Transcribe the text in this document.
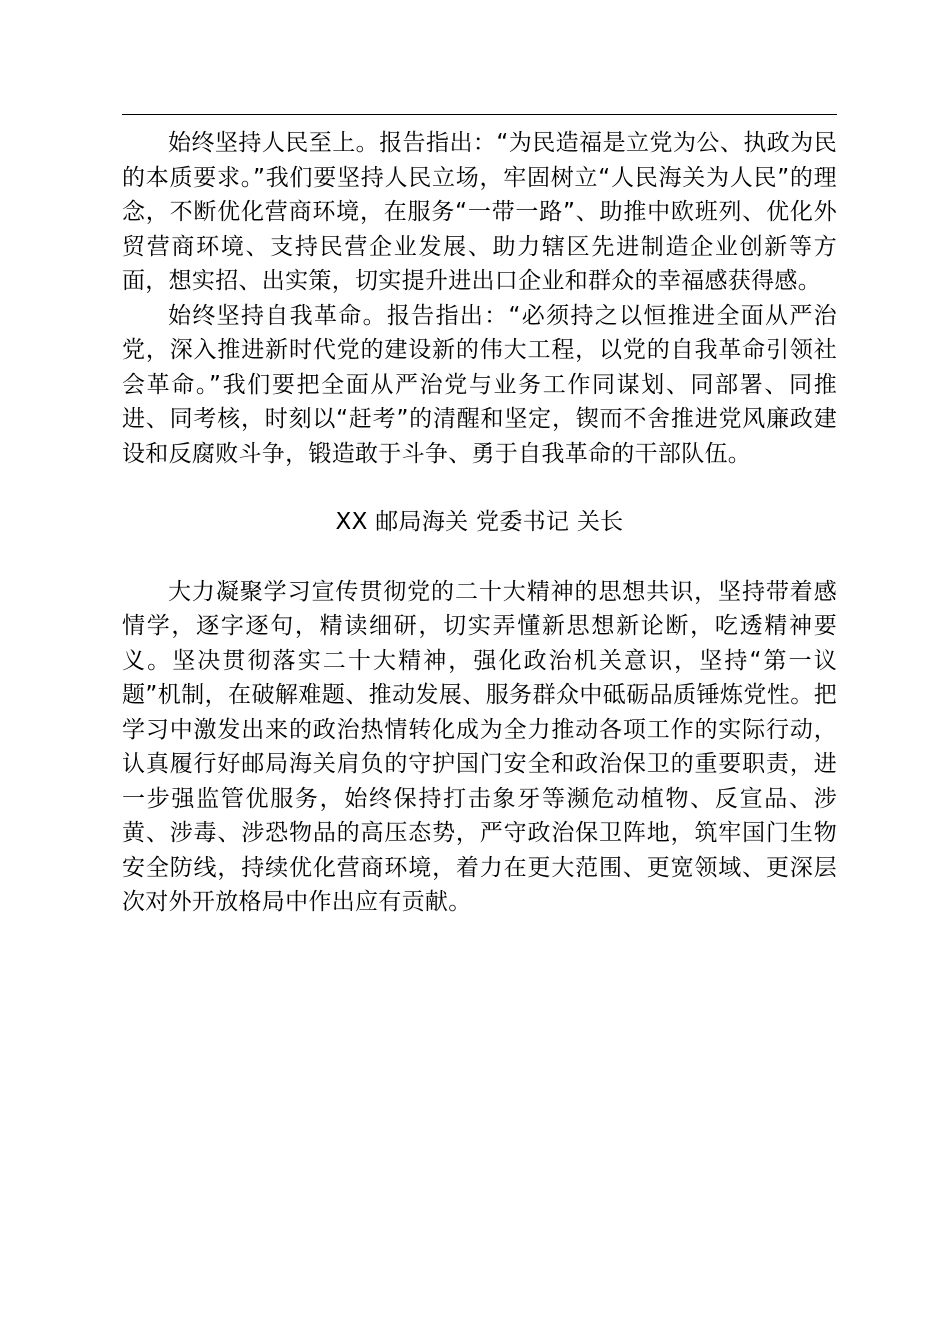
始终坚持人民至上。报告指出：“为民造福是立党为公、执政为民的本质要求。”我们要坚持人民立场，牢固树立“人民海关为人民”的理念，不断优化营商环境，在服务“一带一路”、助推中欧班列、优化外贸营商环境、支持民营企业发展、助力辖区先进制造企业创新等方面，想实招、出实策，切实提升进出口企业和群众的幸福感获得感。

始终坚持自我革命。报告指出：“必须持之以恒推进全面从严治党，深入推进新时代党的建设新的伟大工程，以党的自我革命引领社会革命。”我们要把全面从严治党与业务工作同谋划、同部署、同推进、同考核，时刻以“赶考”的清醒和坚定，锲而不舍推进党风廉政建设和反腐败斗争，锻造敢于斗争、勇于自我革命的干部队伍。

XX 邮局海关 党委书记 关长

大力凝聚学习宣传贯彻党的二十大精神的思想共识，坚持带着感情学，逐字逐句，精读细研，切实弄懂新思想新论断，吃透精神要义。坚决贯彻落实二十大精神，强化政治机关意识，坚持“第一议题”机制，在破解难题、推动发展、服务群众中砥砺品质锤炼党性。把学习中激发出来的政治热情转化成为全力推动各项工作的实际行动，认真履行好邮局海关肩负的守护国门安全和政治保卫的重要职责，进一步强监管优服务，始终保持打击象牙等濒危动植物、反宣品、涉黄、涉毒、涉恐物品的高压态势，严守政治保卫阵地，筑牢国门生物安全防线，持续优化营商环境，着力在更大范围、更宽领域、更深层次对外开放格局中作出应有贡献。
